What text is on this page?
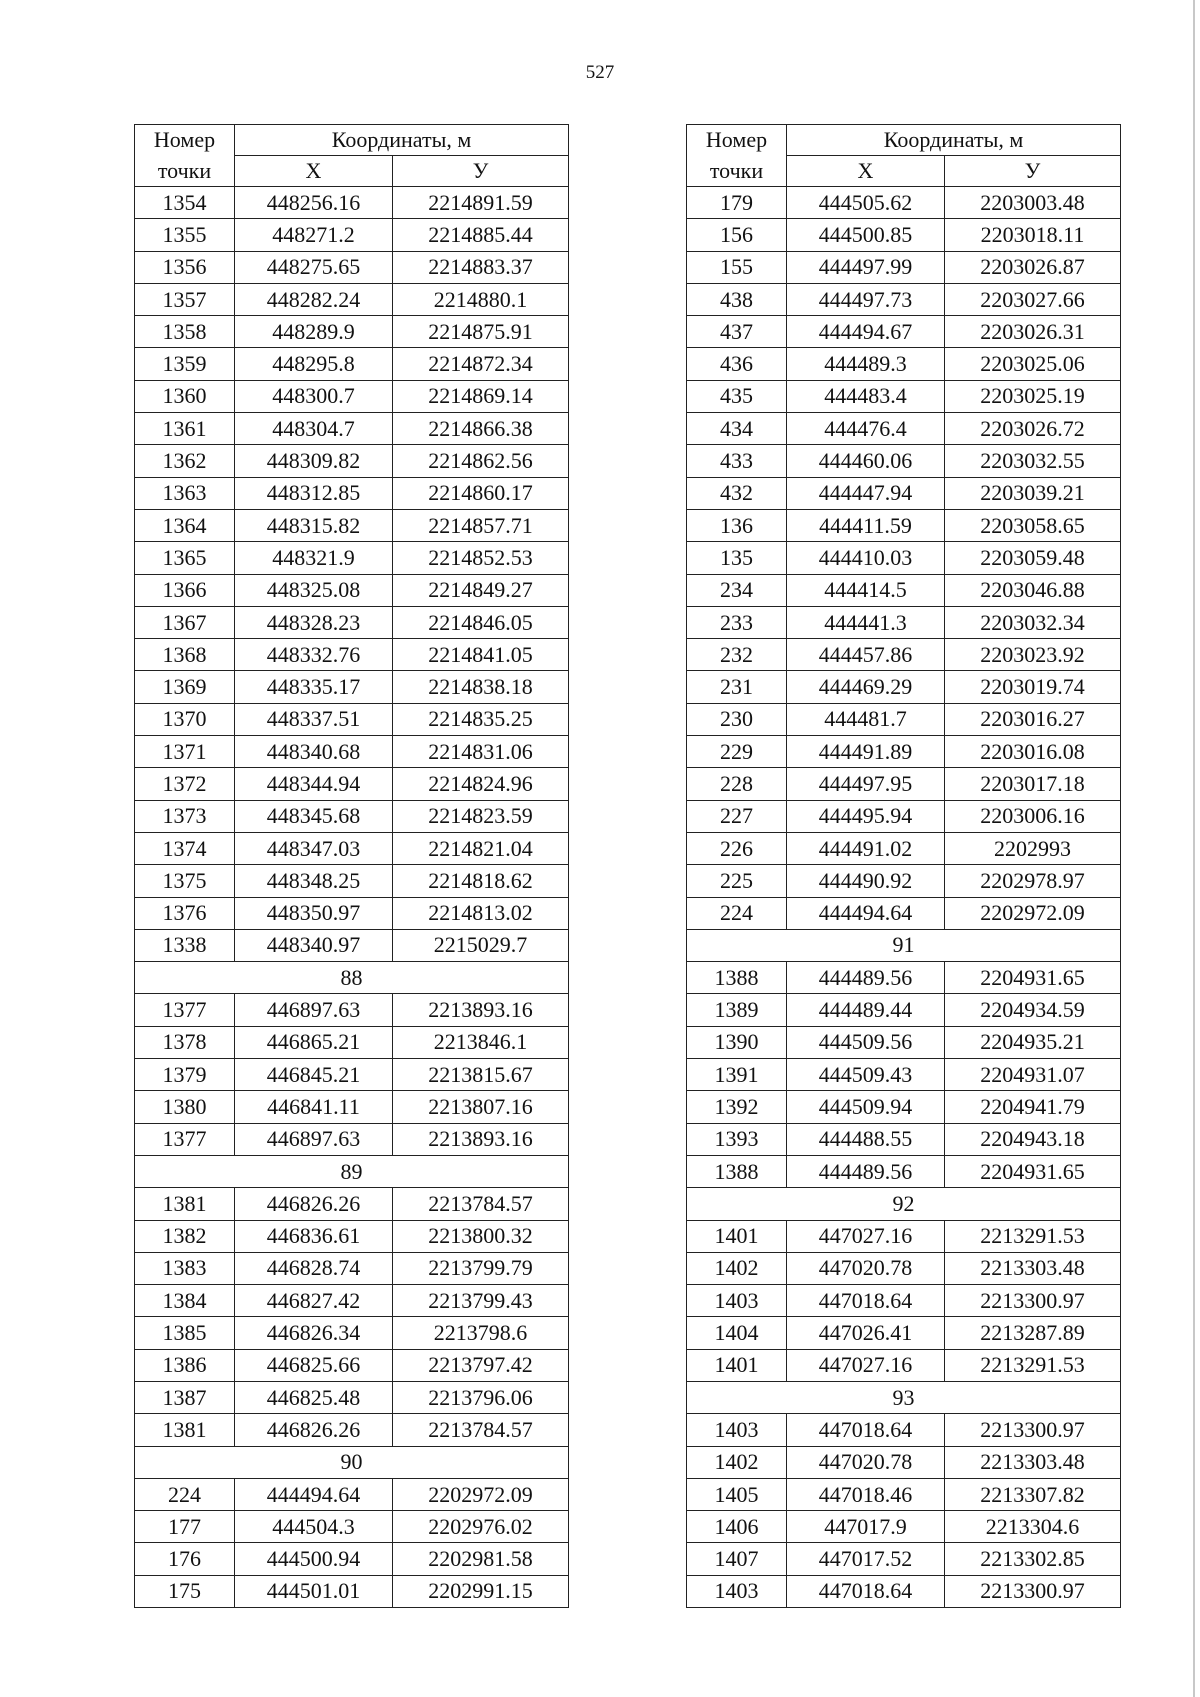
527
Номер	Координаты, м	
точки	X	У
1354	448256.16	2214891.59
1355	448271.2	2214885.44
1356	448275.65	2214883.37
1357	448282.24	2214880.1
1358	448289.9	2214875.91
1359	448295.8	2214872.34
1360	448300.7	2214869.14
1361	448304.7	2214866.38
1362	448309.82	2214862.56
1363	448312.85	2214860.17
1364	448315.82	2214857.71
1365	448321.9	2214852.53
1366	448325.08	2214849.27
1367	448328.23	2214846.05
1368	448332.76	2214841.05
1369	448335.17	2214838.18
1370	448337.51	2214835.25
1371	448340.68	2214831.06
1372	448344.94	2214824.96
1373	448345.68	2214823.59
1374	448347.03	2214821.04
1375	448348.25	2214818.62
1376	448350.97	2214813.02
1338	448340.97	2215029.7
88		
1377	446897.63	2213893.16
1378	446865.21	2213846.1
1379	446845.21	2213815.67
1380	446841.11	2213807.16
1377	446897.63	2213893.16
89		
1381	446826.26	2213784.57
1382	446836.61	2213800.32
1383	446828.74	2213799.79
1384	446827.42	2213799.43
1385	446826.34	2213798.6
1386	446825.66	2213797.42
1387	446825.48	2213796.06
1381	446826.26	2213784.57
90		
224	444494.64	2202972.09
177	444504.3	2202976.02
176	444500.94	2202981.58
175	444501.01	2202991.15
Номер	Координаты, м	
точки	X	У
179	444505.62	2203003.48
156	444500.85	2203018.11
155	444497.99	2203026.87
438	444497.73	2203027.66
437	444494.67	2203026.31
436	444489.3	2203025.06
435	444483.4	2203025.19
434	444476.4	2203026.72
433	444460.06	2203032.55
432	444447.94	2203039.21
136	444411.59	2203058.65
135	444410.03	2203059.48
234	444414.5	2203046.88
233	444441.3	2203032.34
232	444457.86	2203023.92
231	444469.29	2203019.74
230	444481.7	2203016.27
229	444491.89	2203016.08
228	444497.95	2203017.18
227	444495.94	2203006.16
226	444491.02	2202993
225	444490.92	2202978.97
224	444494.64	2202972.09
91		
1388	444489.56	2204931.65
1389	444489.44	2204934.59
1390	444509.56	2204935.21
1391	444509.43	2204931.07
1392	444509.94	2204941.79
1393	444488.55	2204943.18
1388	444489.56	2204931.65
92		
1401	447027.16	2213291.53
1402	447020.78	2213303.48
1403	447018.64	2213300.97
1404	447026.41	2213287.89
1401	447027.16	2213291.53
93		
1403	447018.64	2213300.97
1402	447020.78	2213303.48
1405	447018.46	2213307.82
1406	447017.9	2213304.6
1407	447017.52	2213302.85
1403	447018.64	2213300.97
